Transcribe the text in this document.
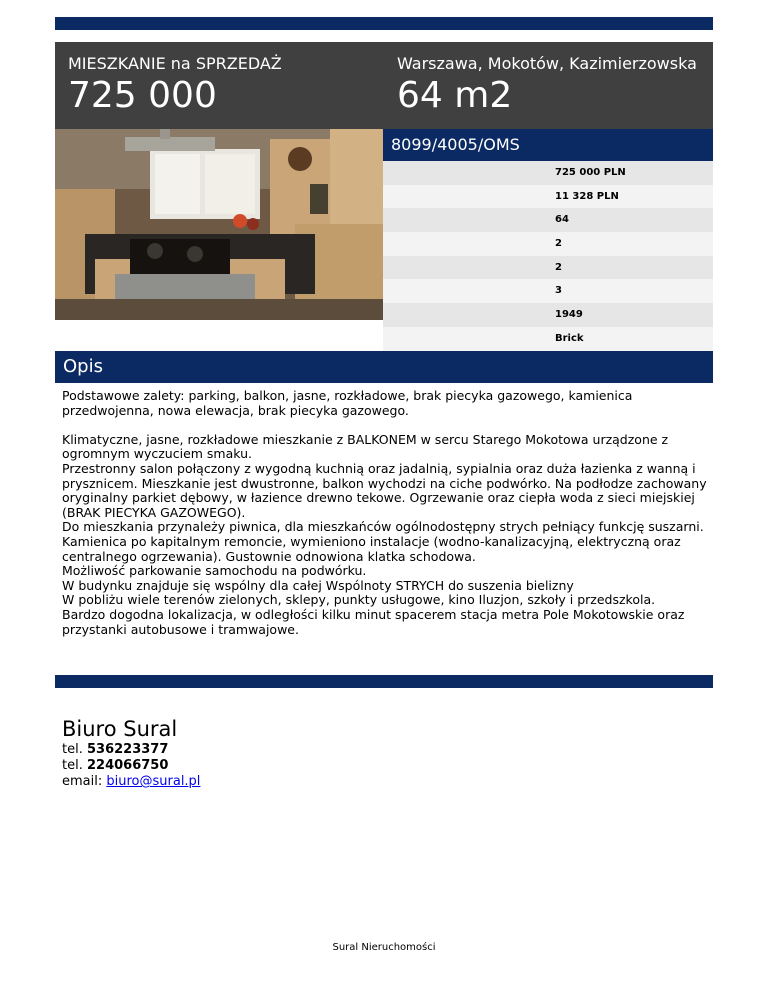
MIESZKANIE na SPRZEDAŻ
725 000
Warszawa, Mokotów, Kazimierzowska
64 m2
8099/4005/OMS
725 000 PLN
11 328 PLN
64
2
2
3
1949
Brick
Opis

Podstawowe zalety: parking, balkon, jasne, rozkładowe, brak piecyka gazowego, kamienica przedwojenna, nowa elewacja, brak piecyka gazowego.

Klimatyczne, jasne, rozkładowe mieszkanie z BALKONEM w sercu Starego Mokotowa urządzone z ogromnym wyczuciem smaku.

Przestronny salon połączony z wygodną kuchnią oraz jadalnią, sypialnia oraz duża łazienka z wanną i prysznicem. Mieszkanie jest dwustronne, balkon wychodzi na ciche podwórko. Na podłodze zachowany oryginalny parkiet dębowy, w łazience drewno tekowe. Ogrzewanie oraz ciepła woda z sieci miejskiej (BRAK PIECYKA GAZOWEGO).

Do mieszkania przynależy piwnica, dla mieszkańców ogólnodostępny strych pełniący funkcję suszarni.

Kamienica po kapitalnym remoncie, wymieniono instalacje (wodno-kanalizacyjną, elektryczną oraz centralnego ogrzewania). Gustownie odnowiona klatka schodowa.

Możliwość parkowanie samochodu na podwórku.

W budynku znajduje się wspólny dla całej Wspólnoty STRYCH do suszenia bielizny

W pobliżu wiele terenów zielonych, sklepy, punkty usługowe, kino Iluzjon, szkoły i przedszkola.

Bardzo dogodna lokalizacja, w odległości kilku minut spacerem stacja metra Pole Mokotowskie oraz przystanki autobusowe i tramwajowe.

Biuro Sural
tel. 536223377
tel. 224066750
email: biuro@sural.pl
Sural Nieruchomości
